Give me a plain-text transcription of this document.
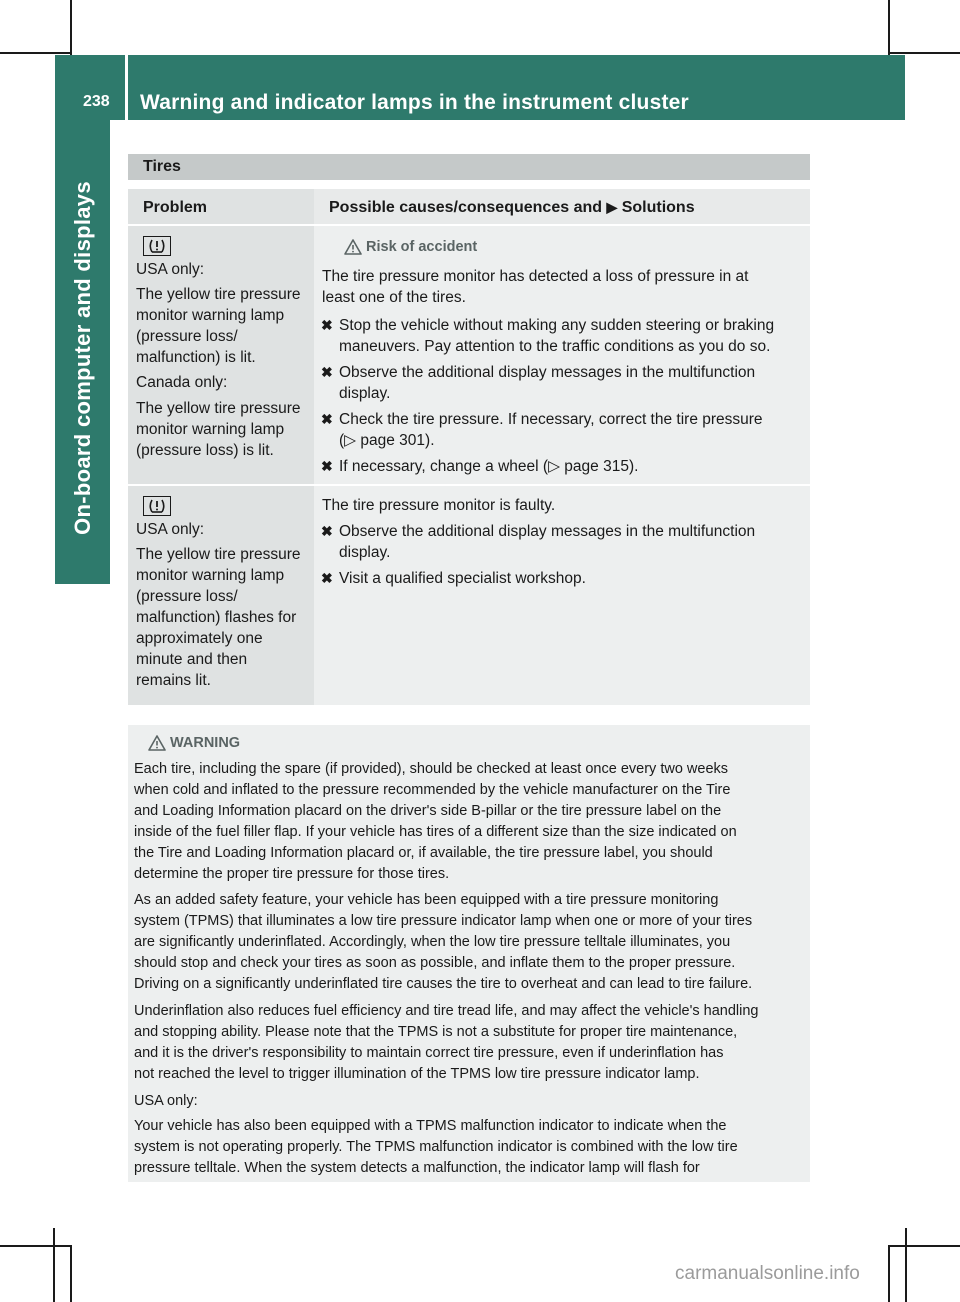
238 Warning and indicator lamps in the instrument cluster
On-board computer and displays
Tires
Problem	Possible causes/consequences and ▶ Solutions
USA only:
The yellow tire pressure
monitor warning lamp
(pressure loss/
malfunction) is lit.
Canada only:
The yellow tire pressure
monitor warning lamp
(pressure loss) is lit.
Risk of accident
The tire pressure monitor has detected a loss of pressure in at
least one of the tires.
✖ Stop the vehicle without making any sudden steering or braking
maneuvers. Pay attention to the traffic conditions as you do so.
✖ Observe the additional display messages in the multifunction
display.
✖ Check the tire pressure. If necessary, correct the tire pressure
(▷ page 301).
✖ If necessary, change a wheel (▷ page 315).
USA only:
The yellow tire pressure
monitor warning lamp
(pressure loss/
malfunction) flashes for
approximately one
minute and then
remains lit.
The tire pressure monitor is faulty.
✖ Observe the additional display messages in the multifunction
display.
✖ Visit a qualified specialist workshop.
WARNING
Each tire, including the spare (if provided), should be checked at least once every two weeks
when cold and inflated to the pressure recommended by the vehicle manufacturer on the Tire
and Loading Information placard on the driver's side B-pillar or the tire pressure label on the
inside of the fuel filler flap. If your vehicle has tires of a different size than the size indicated on
the Tire and Loading Information placard or, if available, the tire pressure label, you should
determine the proper tire pressure for those tires.
As an added safety feature, your vehicle has been equipped with a tire pressure monitoring
system (TPMS) that illuminates a low tire pressure indicator lamp when one or more of your tires
are significantly underinflated. Accordingly, when the low tire pressure telltale illuminates, you
should stop and check your tires as soon as possible, and inflate them to the proper pressure.
Driving on a significantly underinflated tire causes the tire to overheat and can lead to tire failure.
Underinflation also reduces fuel efficiency and tire tread life, and may affect the vehicle's handling
and stopping ability. Please note that the TPMS is not a substitute for proper tire maintenance,
and it is the driver's responsibility to maintain correct tire pressure, even if underinflation has
not reached the level to trigger illumination of the TPMS low tire pressure indicator lamp.
USA only:
Your vehicle has also been equipped with a TPMS malfunction indicator to indicate when the
system is not operating properly. The TPMS malfunction indicator is combined with the low tire
pressure telltale. When the system detects a malfunction, the indicator lamp will flash for
carmanualsonline.info
